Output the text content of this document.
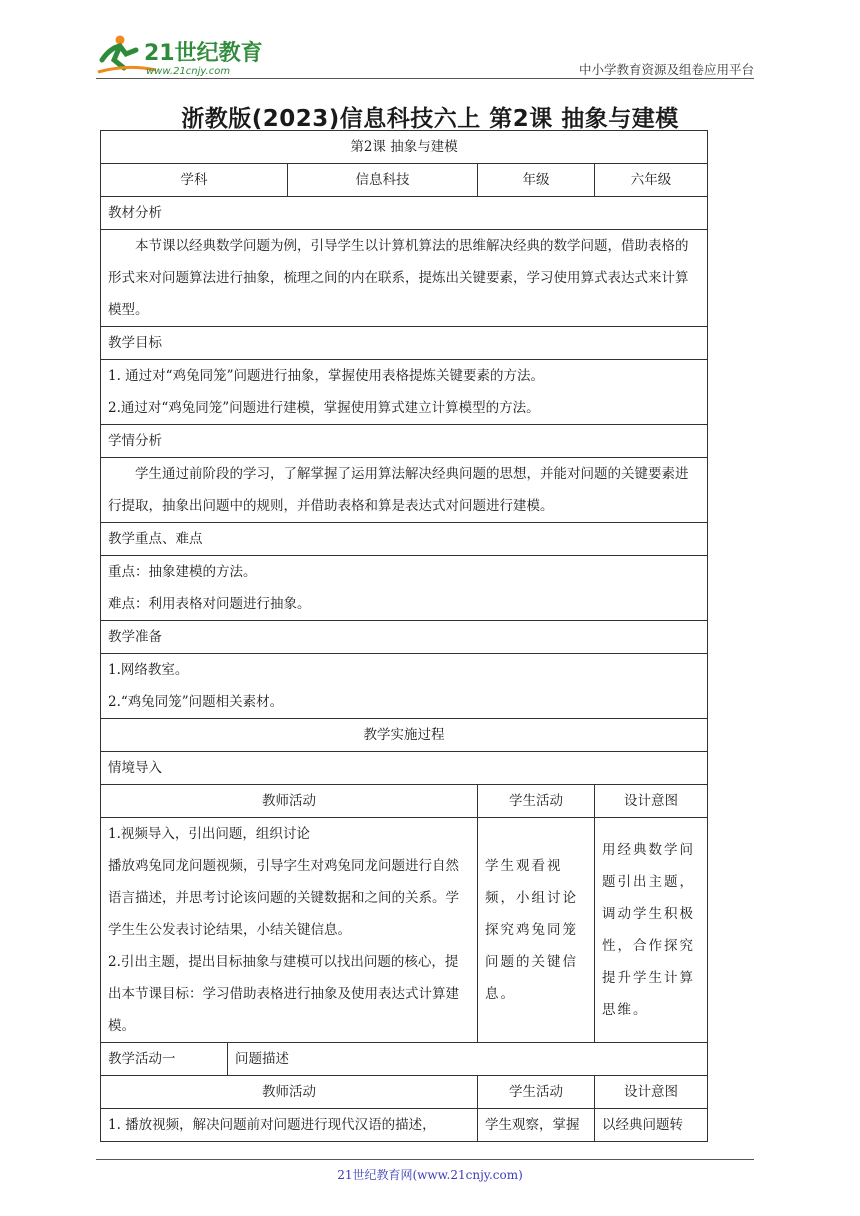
21世纪教育
www.21cnjy.com	中小学教育资源及组卷应用平台
浙教版(2023)信息科技六上 第2课 抽象与建模
第2课 抽象与建模				
学科		信息科技	年级	六年级
教材分析				
本节课以经典数学问题为例，引导学生以计算机算法的思维解决经典的数学问题，借助表格的形式来对问题算法进行抽象，梳理之间的内在联系，提炼出关键要素，学习使用算式表达式来计算模型。				
教学目标				

1. 通过对“鸡兔同笼”问题进行抽象，掌握使用表格提炼关键要素的方法。
2.通过对“鸡兔同笼”问题进行建模，掌握使用算式建立计算模型的方法。				

学情分析				
学生通过前阶段的学习，了解掌握了运用算法解决经典问题的思想，并能对问题的关键要素进行提取，抽象出问题中的规则，并借助表格和算是表达式对问题进行建模。				
教学重点、难点				

重点：抽象建模的方法。
难点：利用表格对问题进行抽象。				

教学准备				

1.网络教室。
2.“鸡兔同笼”问题相关素材。				

教学实施过程				
情境导入				
教师活动			学生活动	设计意图

1.视频导入，引出问题，组织讨论
播放鸡兔同龙问题视频，引导字生对鸡兔同龙问题进行自然语言描述，并思考讨论该问题的关键数据和之间的关系。学学生生公发表讨论结果，小结关键信息。
2.引出主题，提出目标抽象与建模可以找出问题的核心，提出本节课目标：学习借助表格进行抽象及使用表达式计算建模。			学生观看视频，小组讨论探究鸡兔同笼问题的关键信息。	用经典数学问题引出主题，调动学生积极性，合作探究提升学生计算思维。
教学活动一	问题描述			
教师活动			学生活动	设计意图
1. 播放视频，解决问题前对问题进行现代汉语的描述，			学生观察，掌握	以经典问题转
21世纪教育网(www.21cnjy.com)
